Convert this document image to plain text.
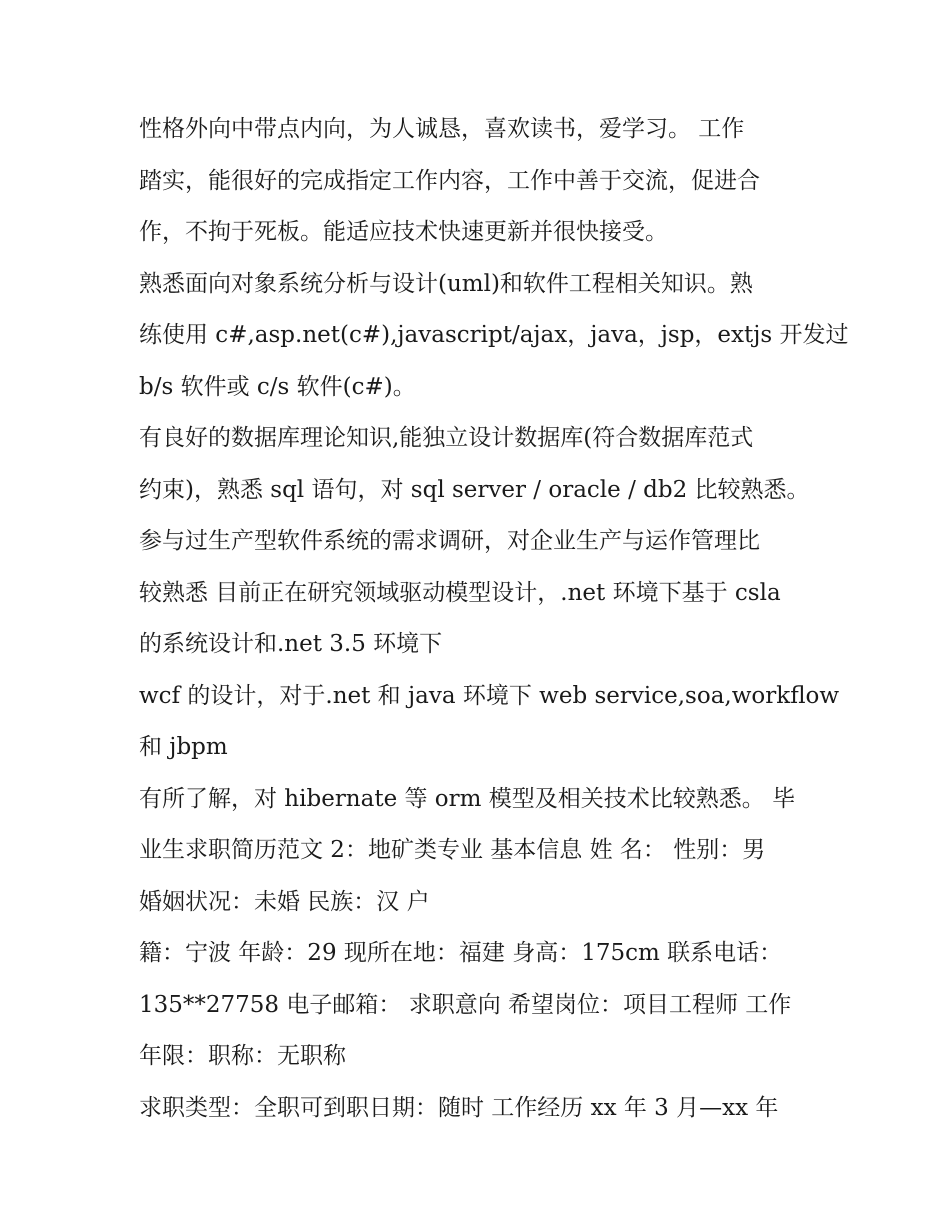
性格外向中带点内向，为人诚恳，喜欢读书，爱学习。 工作
踏实，能很好的完成指定工作内容，工作中善于交流，促进合
作，不拘于死板。能适应技术快速更新并很快接受。
熟悉面向对象系统分析与设计(uml)和软件工程相关知识。熟
练使用 c#,asp.net(c#),javascript/ajax，java，jsp，extjs 开发过
b/s 软件或 c/s 软件(c#)。
有良好的数据库理论知识,能独立设计数据库(符合数据库范式
约束)，熟悉 sql 语句，对 sql server / oracle / db2 比较熟悉。
参与过生产型软件系统的需求调研，对企业生产与运作管理比
较熟悉 目前正在研究领域驱动模型设计，.net 环境下基于 csla
的系统设计和.net 3.5 环境下
wcf 的设计，对于.net 和 java 环境下 web service,soa,workflow
和 jbpm
有所了解，对 hibernate 等 orm 模型及相关技术比较熟悉。 毕
业生求职简历范文 2：地矿类专业 基本信息 姓 名： 性别：男
婚姻状况：未婚 民族：汉 户
籍：宁波 年龄：29 现所在地：福建 身高：175cm 联系电话：
135**27758 电子邮箱： 求职意向 希望岗位：项目工程师 工作
年限：职称：无职称
求职类型：全职可到职日期：随时 工作经历 xx 年 3 月—xx 年
